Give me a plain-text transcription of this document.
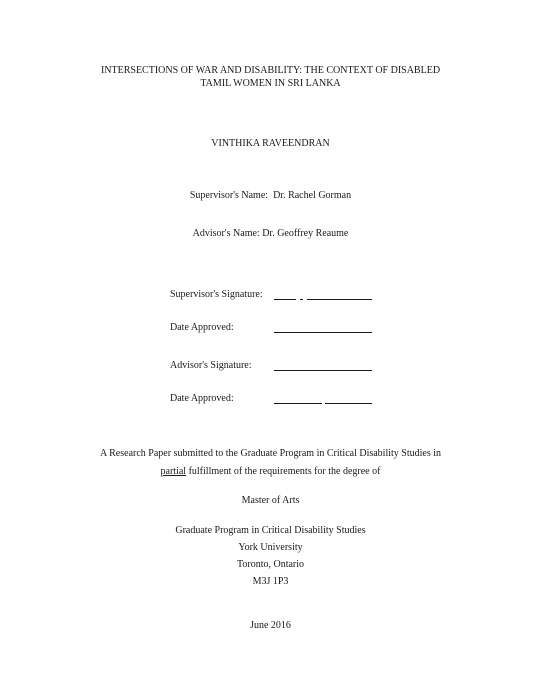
INTERSECTIONS OF WAR AND DISABILITY: THE CONTEXT OF DISABLED
TAMIL WOMEN IN SRI LANKA
VINTHIKA RAVEENDRAN
Supervisor's Name: Dr. Rachel Gorman
Advisor's Name: Dr. Geoffrey Reaume
Supervisor's Signature:
Date Approved:
Advisor's Signature:
Date Approved:
A Research Paper submitted to the Graduate Program in Critical Disability Studies in
partial fulfillment of the requirements for the degree of
Master of Arts
Graduate Program in Critical Disability Studies
York University
Toronto, Ontario
M3J 1P3
June 2016
